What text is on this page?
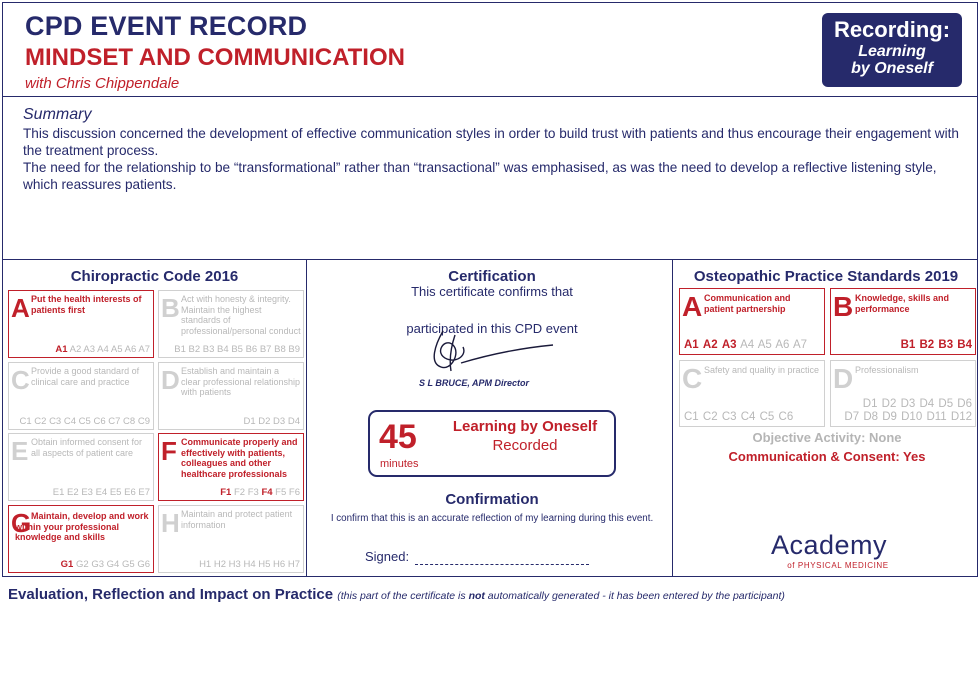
CPD EVENT RECORD
MINDSET AND COMMUNICATION
with Chris Chippendale
Recording:
Learning
by Oneself
Summary
This discussion concerned the development of effective communication styles in order to build trust with patients and thus encourage their engagement with the treatment process.
The need for the relationship to be “transformational” rather than “transactional” was emphasised, as was the need to develop a reflective listening style, which reassures patients.
Chiropractic Code 2016
A Put the health interests of patients first
A1 A2 A3 A4 A5 A6 A7
B Act with honesty & integrity. Maintain the highest standards of professional/personal conduct
B1 B2 B3 B4 B5 B6 B7 B8 B9
C Provide a good standard of clinical care and practice
C1 C2 C3 C4 C5 C6 C7 C8 C9
D Establish and maintain a clear professional relationship with patients
D1 D2 D3 D4
E Obtain informed consent for all aspects of patient care
E1 E2 E3 E4 E5 E6 E7
F Communicate properly and effectively with patients, colleagues and other healthcare professionals
F1 F2 F3 F4 F5 F6
G Maintain, develop and work within your professional knowledge and skills
G1 G2 G3 G4 G5 G6
H Maintain and protect patient information
H1 H2 H3 H4 H5 H6 H7
Certification
This certificate confirms that
participated in this CPD event
S L BRUCE, APM Director
45
minutes
Learning by Oneself
Recorded
Confirmation
I confirm that this is an accurate reflection of my learning during this event.
Signed:
Osteopathic Practice Standards 2019
A Communication and patient partnership
A1 A2 A3 A4 A5 A6 A7
B Knowledge, skills and performance
B1 B2 B3 B4
C Safety and quality in practice
C1 C2 C3 C4 C5 C6
D Professionalism
D1 D2 D3 D4 D5 D6
D7 D8 D9 D10 D11 D12
Objective Activity: None
Communication & Consent: Yes
Academy
of PHYSICAL MEDICINE
Evaluation, Reflection and Impact on Practice (this part of the certificate is not automatically generated - it has been entered by the participant)
